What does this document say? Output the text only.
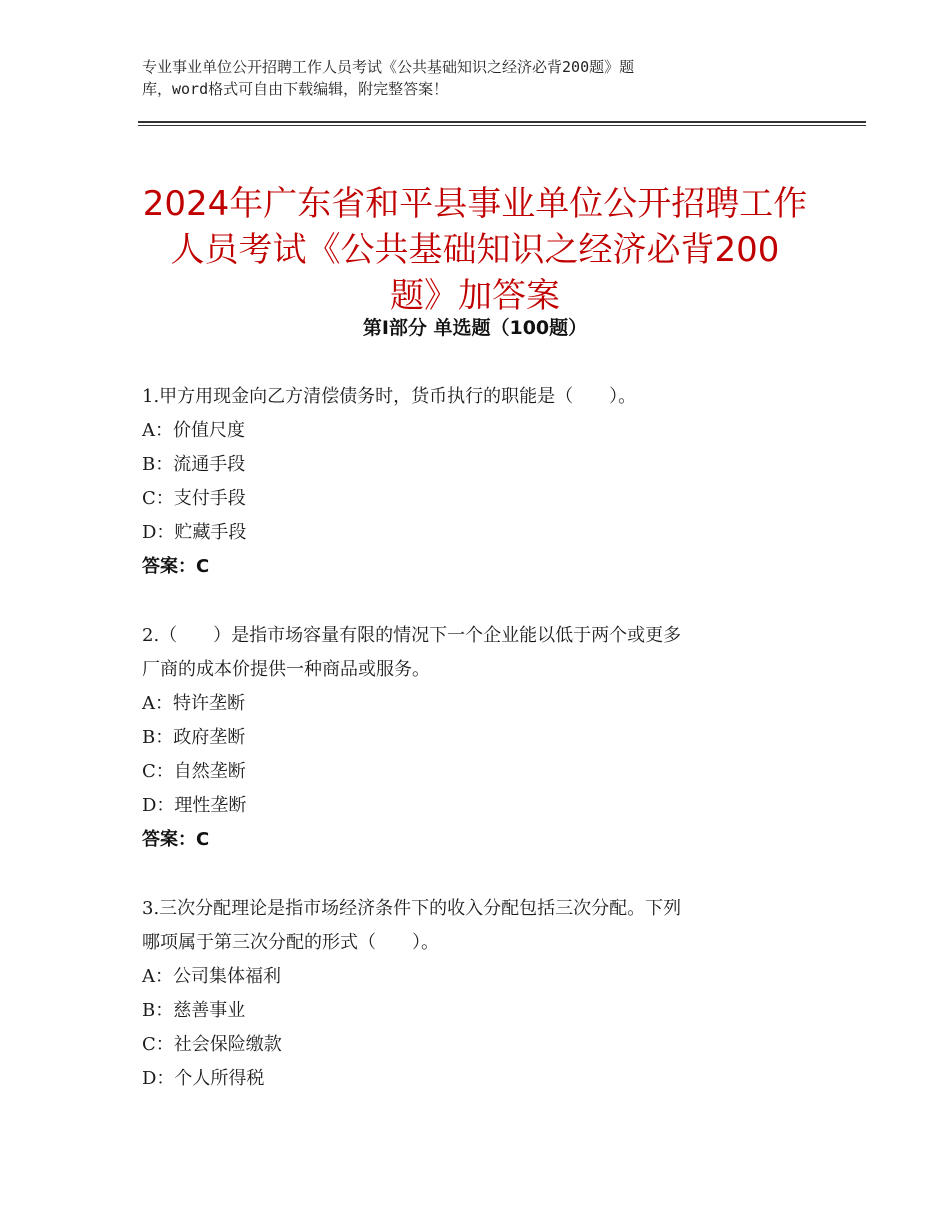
专业事业单位公开招聘工作人员考试《公共基础知识之经济必背200题》题
库，word格式可自由下载编辑，附完整答案！
2024年广东省和平县事业单位公开招聘工作
人员考试《公共基础知识之经济必背200
题》加答案
第Ⅰ部分 单选题（100题）

1.甲方用现金向乙方清偿债务时，货币执行的职能是（　　）。

A：价值尺度

B：流通手段

C：支付手段

D：贮藏手段

答案：C

2.（　　）是指市场容量有限的情况下一个企业能以低于两个或更多

厂商的成本价提供一种商品或服务。

A：特许垄断

B：政府垄断

C：自然垄断

D：理性垄断

答案：C

3.三次分配理论是指市场经济条件下的收入分配包括三次分配。下列

哪项属于第三次分配的形式（　　）。

A：公司集体福利

B：慈善事业

C：社会保险缴款

D：个人所得税
